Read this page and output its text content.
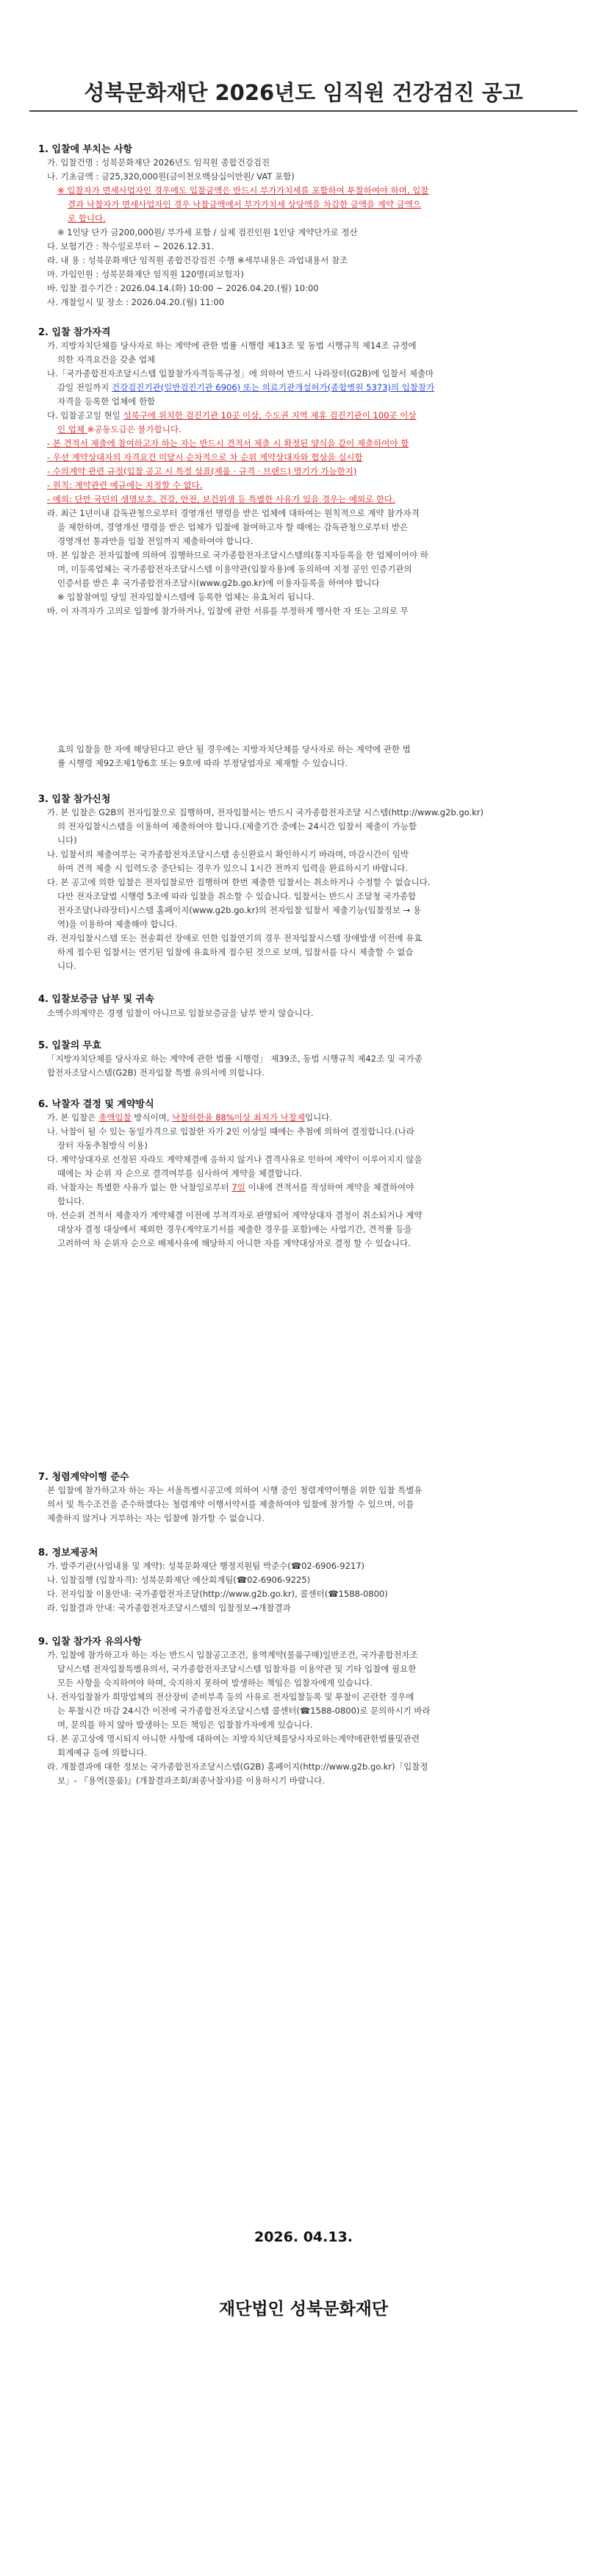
성북문화재단 2026년도 임직원 건강검진 공고
1. 입찰에 부치는 사항
가. 입찰건명 : 성북문화재단 2026년도 임직원 종합건강검진
나. 기초금액 : 금25,320,000원(금이천오백삼십이만원/ VAT 포함)
※ 입찰자가 면세사업자인 경우에도 입찰금액은 반드시 부가가치세를 포함하여 투찰하여야 하며, 입찰
결과 낙찰자가 면세사업자인 경우 낙찰금액에서 부가가치세 상당액을 차감한 금액을 계약 금액으
로 합니다.
※ 1인당 단가 금200,000원/ 부가세 포함 / 실제 검진인원 1인당 계약단가로 정산
다. 보험기간 : 착수일로부터 ~ 2026.12.31.
라. 내 용 : 성북문화재단 임직원 종합건강검진 수행 ※세부내용은 과업내용서 참조
마. 가입인원 : 성북문화재단 임직원 120명(피보험자)
바. 입찰 접수기간 : 2026.04.14.(화) 10:00 ~ 2026.04.20.(월) 10:00
사. 개찰일시 및 장소 : 2026.04.20.(월) 11:00
2. 입찰 참가자격
가. 지방자치단체를 당사자로 하는 계약에 관한 법률 시행령 제13조 및 동법 시행규칙 제14조 규정에
의한 자격요건을 갖춘 업체
나.「국가종합전자조달시스템 입찰참가자격등록규정」에 의하여 반드시 나라장터(G2B)에 입찰서 제출마
감일 전일까지 건강검진기관(일반검진기관 6906) 또는 의료기관개설허가(종합병원 5373)의 입찰참가
자격을 등록한 업체에 한함
다. 입찰공고일 현일 성북구에 위치한 검진기관 10곳 이상, 수도권 지역 제휴 검진기관이 100곳 이상
인 업체 ※공동도급은 불가합니다.
- 본 견적서 제출에 참여하고자 하는 자는 반드시 견적서 제출 시 확정된 양식을 같이 제출하여야 함
- 우선 계약상대자의 자격요건 미달시 순차적으로 차 순위 계약상대자와 협상을 실시함
- 수의계약 관련 규정(입찰 공고 시 특정 상표(제품 · 규격 · 브랜드) 명기가 가능한지)
- 원칙: 계약관련 예규에는 지정할 수 없다.
- 예외: 단만 국민의 생명보호, 건강, 안전, 보건위생 등 특별한 사유가 있을 경우는 예외로 한다.
라. 최근 1년이내 감독관청으로부터 경영개선 명령을 받은 업체에 대하여는 원칙적으로 계약 참가자격
을 제한하며, 경영개선 명령을 받은 업체가 입찰에 참여하고자 할 때에는 감독관청으로부터 받은
경영개선 통과만을 입찰 전일까지 제출하여야 합니다.
마. 본 입찰은 전자입찰에 의하여 집행하므로 국가종합전자조달시스템의(통지자등록을 한 업체이어야 하
며, 미등록업체는 국가종합전자조달시스템 이용약관(입찰자용)에 동의하여 지정 공인 인증기관의
인증서를 받은 후 국가종합전자조달시(www.g2b.go.kr)에 이용자등록을 하여야 합니다
※ 입찰참여일 당일 전자입찰시스템에 등록한 업체는 유효처리 됩니다.
바. 이 자격자가 고의로 입찰에 참가하거나, 입찰에 관한 서류를 부정하게 행사한 자 또는 고의로 무
효의 입찰을 한 자에 해당된다고 판단 될 경우에는 지방자치단체를 당사자로 하는 계약에 관한 법
률 시행령 제92조제1항6호 또는 9호에 따라 부정당업자로 제재할 수 있습니다.
3. 입찰 참가신청
가. 본 입찰은 G2B의 전자입찰으로 집행하며, 전자입찰서는 반드시 국가종합전자조달 시스템(http://www.g2b.go.kr)
의 전자입찰시스템을 이용하여 제출하여야 합니다.(제출기간 중에는 24시간 입찰서 제출이 가능함
니다)
나. 입찰서의 제출여부는 국가종합전자조달시스템 송신완료시 확인하시기 바라며, 마감시간이 임박
하여 견적 제출 시 입력도중 중단되는 경우가 있으니 1시간 전까지 입력을 완료하시기 바랍니다.
다. 본 공고에 의한 입찰은 전자입찰로만 집행하며 한번 제출한 입찰서는 취소하거나 수정할 수 없습니다.
다만 전자조달법 시행령 5조에 따라 입찰을 취소할 수 있습니다. 입찰서는 반드시 조달청 국가종합
전자조달(나라장터)시스템 홈페이지(www.g2b.go.kr)의 전자입찰 입찰서 제출기능(입찰정보 → 용
역)을 이용하여 제출해야 합니다.
라. 전자입찰시스템 또는 전송회선 장애로 인한 입찰연기의 경우 전자입찰시스템 장애발생 이전에 유효
하게 접수된 입찰서는 연기된 입찰에 유효하게 접수된 것으로 보며, 입찰서를 다시 제출할 수 없습
니다.
4. 입찰보증금 납부 및 귀속
소액수의계약은 경쟁 입찰이 아니므로 입찰보증금을 납부 받지 않습니다.
5. 입찰의 무효
「지방자치단체를 당사자로 하는 계약에 관한 법률 시행령」 제39조, 동법 시행규칙 제42조 및 국가종
합전자조달시스템(G2B) 전자입찰 특별 유의서에 의합니다.
6. 낙찰자 결정 및 계약방식
가. 본 입찰은 총액입찰 방식이며, 낙찰하한율 88%이상 최저가 낙찰제입니다.
나. 낙찰이 될 수 있는 동일가격으로 입찰한 자가 2인 이상일 때에는 추첨에 의하여 결정합니다.(나라
장터 자동추첨방식 이용)
다. 계약상대자로 선정된 자라도 계약체결에 응하지 않거나 결격사유로 인하여 계약이 이루어지지 않을
때에는 차 순위 자 순으로 결격여부를 심사하여 계약을 체결합니다.
라. 낙찰자는 특별한 사유가 없는 한 낙찰일로부터 7일 이내에 견적서를 작성하여 계약을 체결하여야
합니다.
마. 선순위 견적서 제출자가 계약체결 이전에 부적격자로 판명되어 계약상대자 결정이 취소되거나 계약
대상자 결정 대상에서 제외한 경우(계약포기서를 제출한 경우를 포함)에는 사업기간, 견적률 등을
고려하여 차 순위자 순으로 배제사유에 해당하지 아니한 자를 계약대상자로 결정 할 수 있습니다.
7. 청렴계약이행 준수
본 입찰에 참가하고자 하는 자는 서울특별시공고에 의하여 시행 중인 청렴계약이행을 위한 입찰 특별유
의서 및 특수조건을 준수하겠다는 청렴계약 이행서약서를 제출하여야 입찰에 참가할 수 있으며, 이를
제출하지 않거나 거부하는 자는 입찰에 참가할 수 없습니다.
8. 정보제공처
가. 발주기관(사업내용 및 계약): 성북문화재단 행정지원팀 박준수(☎02-6906-9217)
나. 입찰집행 (입찰자격): 성북문화재단 예산회계팀(☎02-6906-9225)
다. 전자입찰 이용안내: 국가종합전자조달(http://www.g2b.go.kr), 콜센터(☎1588-0800)
라. 입찰결과 안내: 국가종합전자조달시스템의 입찰정보→개찰결과
9. 입찰 참가자 유의사항
가. 입찰에 참가하고자 하는 자는 반드시 입찰공고조건, 용역계약(물품구매)일반조건, 국가종합전자조
달시스템 전자입찰특별유의서, 국가종합전자조달시스템 입찰자를 이용약관 및 기타 입찰에 필요한
모든 사항을 숙지하여야 하며, 숙지하지 못하여 발생하는 책임은 입찰자에게 있습니다.
나. 전자입찰참가 희망업체의 전산장비 준비부족 등의 사유로 전자입찰등록 및 투찰이 곤란한 경우에
는 투찰시간 마감 24시간 이전에 국가종합전자조달시스템 콜센터(☎1588-0800)로 문의하시기 바라
며, 문의를 하지 않아 발생하는 모든 책임은 입찰참가자에게 있습니다.
다. 본 공고상에 명시되지 아니한 사항에 대하여는 지방자치단체를당사자로하는계약에관한법률및관련
회계예규 등에 의합니다.
라. 개찰결과에 대한 정보는 국가종합전자조달시스템(G2B) 홈페이지(http://www.g2b.go.kr)「입찰정
보」- 『용역(물품)』(개찰결과조회/최종낙찰자)를 이용하시기 바랍니다.
2026. 04.13.
재단법인 성북문화재단
